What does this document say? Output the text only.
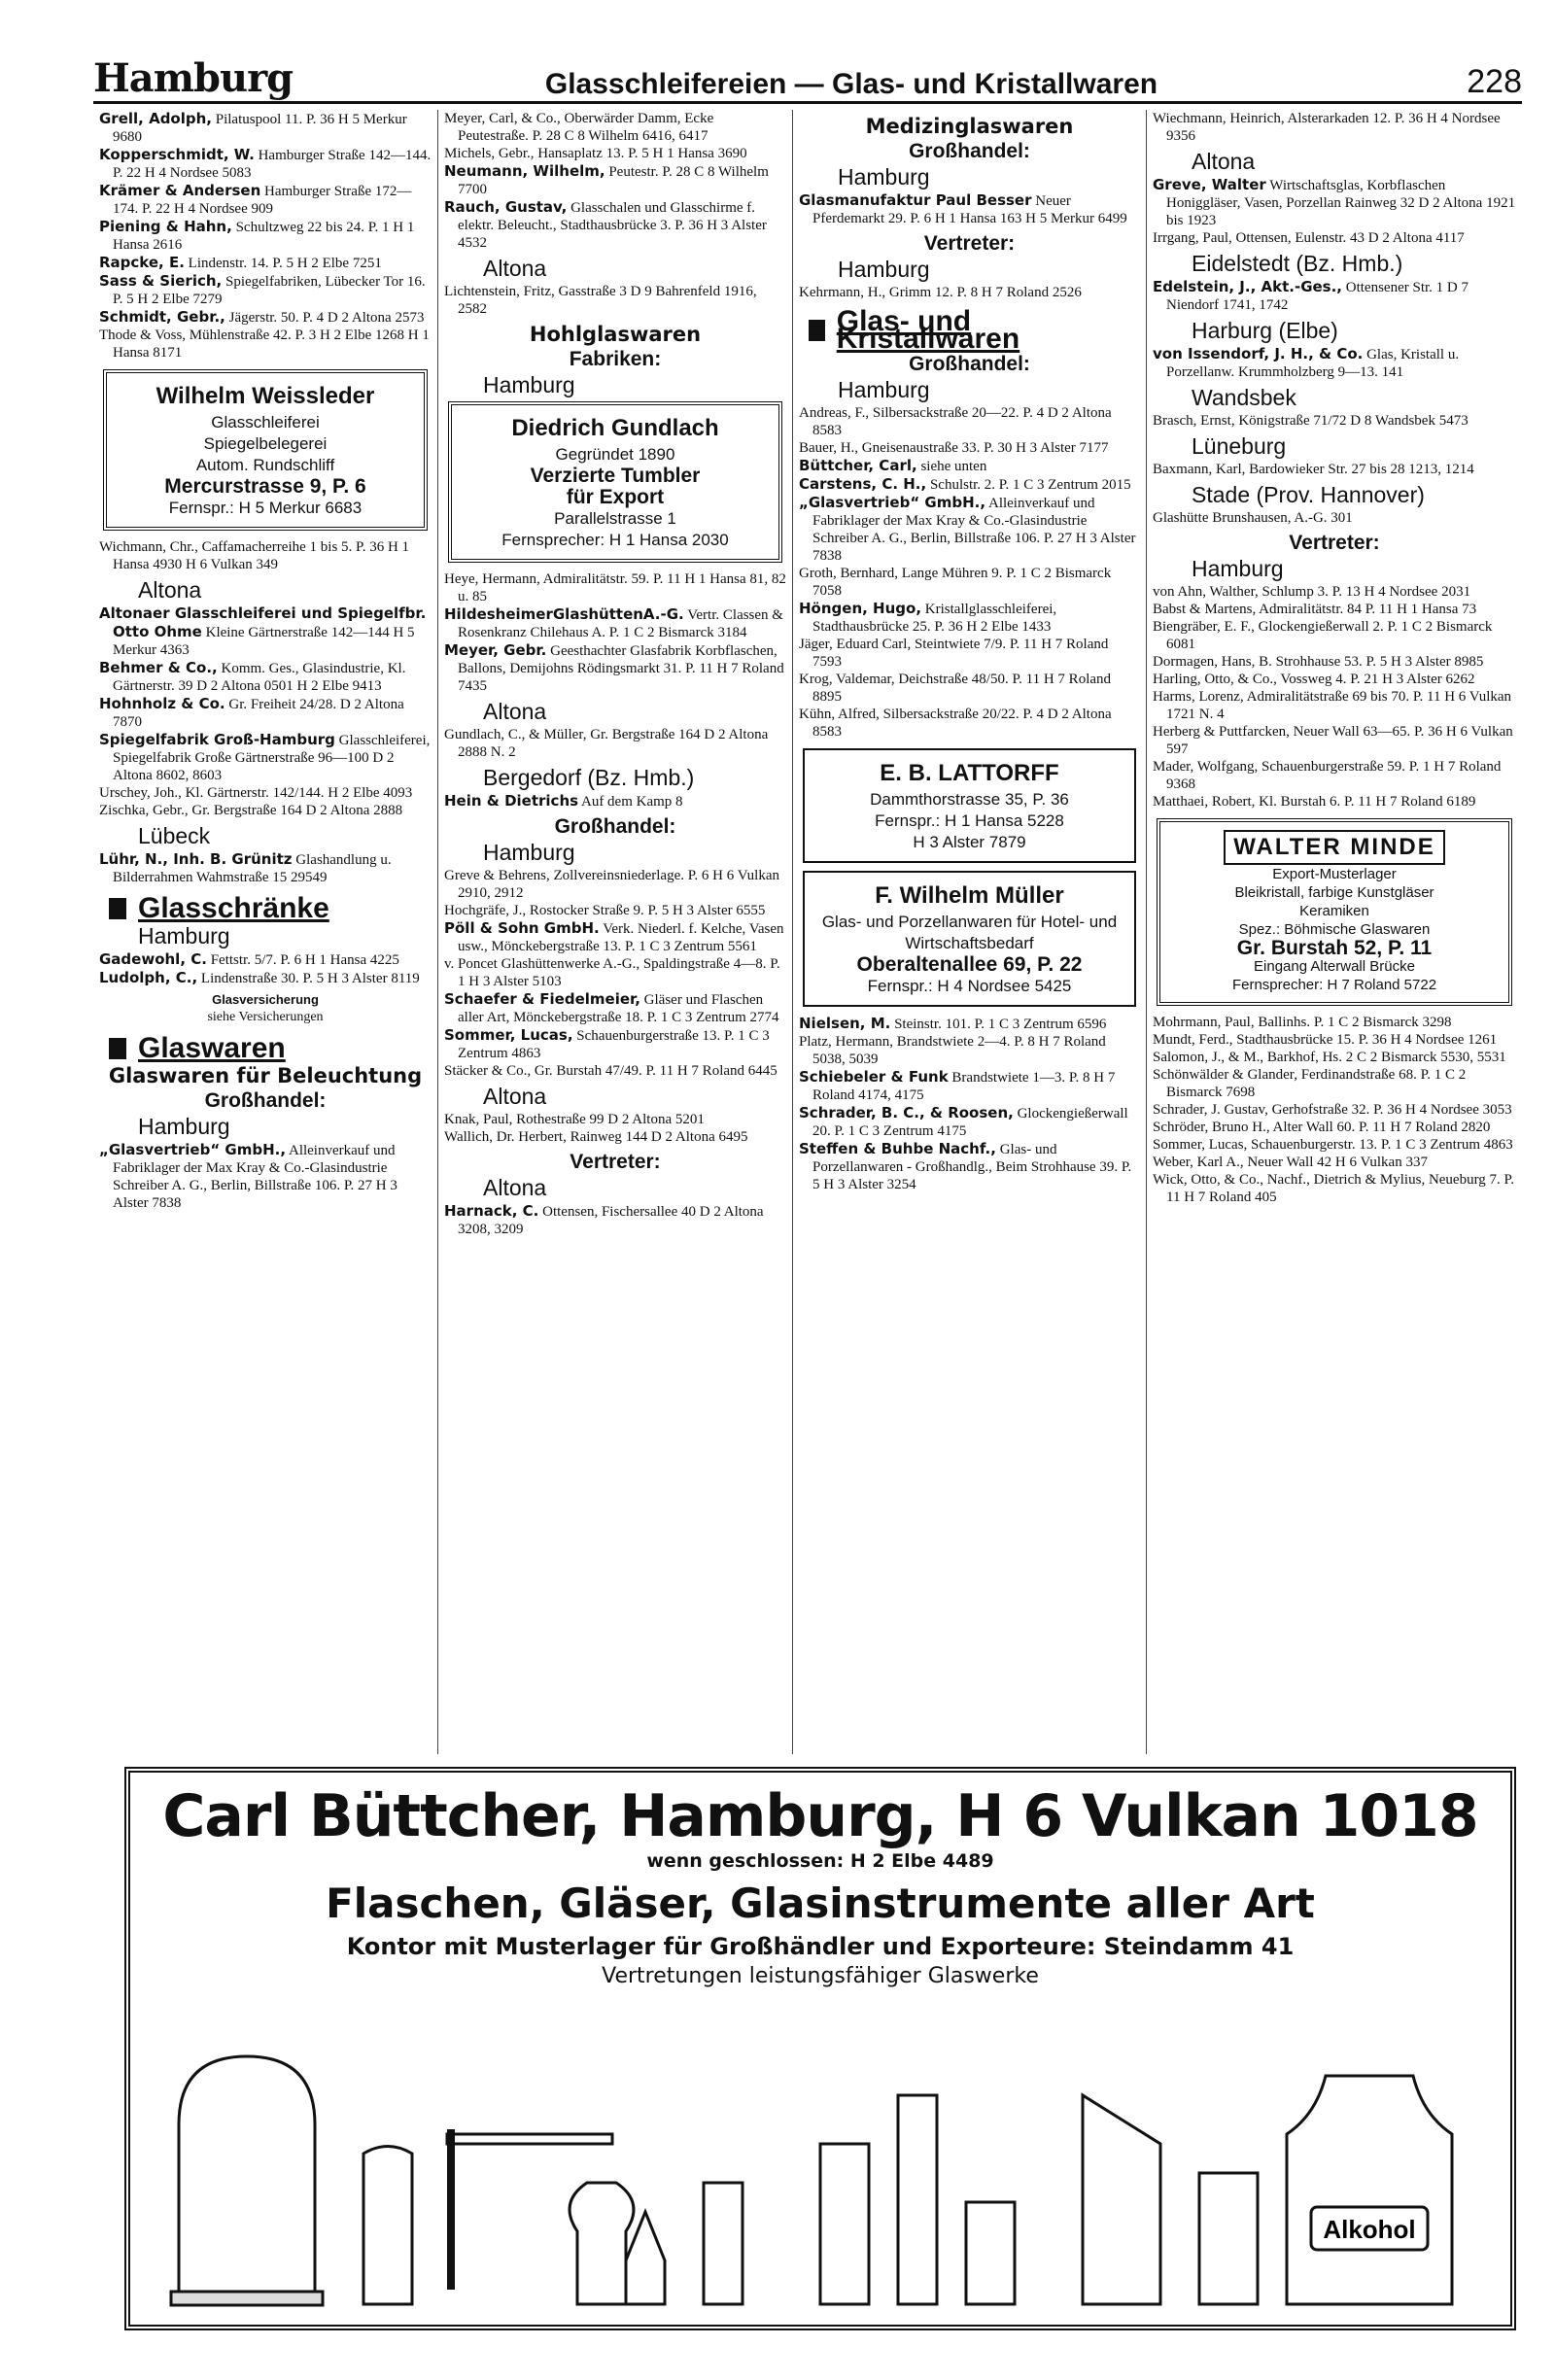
Hamburg	Glasschleifereien — Glas- und Kristallwaren	228

Grell, Adolph, Pilatuspool 11. P. 36 H 5 Merkur 9680

Kopperschmidt, W. Hamburger Straße 142—144. P. 22 H 4 Nordsee 5083

Krämer & Andersen Hamburger Straße 172—174. P. 22 H 4 Nordsee 909

Piening & Hahn, Schultzweg 22 bis 24. P. 1 H 1 Hansa 2616

Rapcke, E. Lindenstr. 14. P. 5 H 2 Elbe 7251

Sass & Sierich, Spiegelfabriken, Lübecker Tor 16. P. 5 H 2 Elbe 7279

Schmidt, Gebr., Jägerstr. 50. P. 4 D 2 Altona 2573

Thode & Voss, Mühlenstraße 42. P. 3 H 2 Elbe 1268 H 1 Hansa 8171

Wilhelm Weissleder
Glasschleiferei
Spiegelbelegerei
Autom. Rundschliff
Mercurstrasse 9, P. 6
Fernspr.: H 5 Merkur 6683

Wichmann, Chr., Caffamacherreihe 1 bis 5. P. 36 H 1 Hansa 4930 H 6 Vulkan 349

Altona

Altonaer Glasschleiferei und Spiegelfbr. Otto Ohme Kleine Gärtnerstraße 142—144 H 5 Merkur 4363

Behmer & Co., Komm. Ges., Glasindustrie, Kl. Gärtnerstr. 39 D 2 Altona 0501 H 2 Elbe 9413

Hohnholz & Co. Gr. Freiheit 24/28. D 2 Altona 7870

Spiegelfabrik Groß-Hamburg Glasschleiferei, Spiegelfabrik Große Gärtnerstraße 96—100 D 2 Altona 8602, 8603

Urschey, Joh., Kl. Gärtnerstr. 142/144. H 2 Elbe 4093

Zischka, Gebr., Gr. Bergstraße 164 D 2 Altona 2888

Lübeck

Lühr, N., Inh. B. Grünitz Glashandlung u. Bilderrahmen Wahmstraße 15 29549

Glasschränke
Hamburg

Gadewohl, C. Fettstr. 5/7. P. 6 H 1 Hansa 4225

Ludolph, C., Lindenstraße 30. P. 5 H 3 Alster 8119

Glasversicherung
siehe Versicherungen
Glaswaren
Glaswaren für Beleuchtung
Großhandel:
Hamburg

„Glasvertrieb“ GmbH., Alleinverkauf und Fabriklager der Max Kray & Co.-Glasindustrie Schreiber A. G., Berlin, Billstraße 106. P. 27 H 3 Alster 7838

Meyer, Carl, & Co., Oberwärder Damm, Ecke Peutestraße. P. 28 C 8 Wilhelm 6416, 6417

Michels, Gebr., Hansaplatz 13. P. 5 H 1 Hansa 3690

Neumann, Wilhelm, Peutestr. P. 28 C 8 Wilhelm 7700

Rauch, Gustav, Glasschalen und Glasschirme f. elektr. Beleucht., Stadthausbrücke 3. P. 36 H 3 Alster 4532

Altona

Lichtenstein, Fritz, Gasstraße 3 D 9 Bahrenfeld 1916, 2582

Hohlglaswaren
Fabriken:
Hamburg
Diedrich Gundlach
Gegründet 1890
Verzierte Tumbler
für Export
Parallelstrasse 1
Fernsprecher: H 1 Hansa 2030

Heye, Hermann, Admiralitätstr. 59. P. 11 H 1 Hansa 81, 82 u. 85

HildesheimerGlashüttenA.-G. Vertr. Classen & Rosenkranz Chilehaus A. P. 1 C 2 Bismarck 3184

Meyer, Gebr. Geesthachter Glasfabrik Korbflaschen, Ballons, Demijohns Rödingsmarkt 31. P. 11 H 7 Roland 7435

Altona

Gundlach, C., & Müller, Gr. Bergstraße 164 D 2 Altona 2888 N. 2

Bergedorf (Bz. Hmb.)

Hein & Dietrichs Auf dem Kamp 8

Großhandel:
Hamburg

Greve & Behrens, Zollvereinsniederlage. P. 6 H 6 Vulkan 2910, 2912

Hochgräfe, J., Rostocker Straße 9. P. 5 H 3 Alster 6555

Pöll & Sohn GmbH. Verk. Niederl. f. Kelche, Vasen usw., Mönckebergstraße 13. P. 1 C 3 Zentrum 5561

v. Poncet Glashüttenwerke A.-G., Spaldingstraße 4—8. P. 1 H 3 Alster 5103

Schaefer & Fiedelmeier, Gläser und Flaschen aller Art, Mönckebergstraße 18. P. 1 C 3 Zentrum 2774

Sommer, Lucas, Schauenburgerstraße 13. P. 1 C 3 Zentrum 4863

Stäcker & Co., Gr. Burstah 47/49. P. 11 H 7 Roland 6445

Altona

Knak, Paul, Rothestraße 99 D 2 Altona 5201

Wallich, Dr. Herbert, Rainweg 144 D 2 Altona 6495

Vertreter:
Altona

Harnack, C. Ottensen, Fischersallee 40 D 2 Altona 3208, 3209

Medizinglaswaren
Großhandel:
Hamburg

Glasmanufaktur Paul Besser Neuer Pferdemarkt 29. P. 6 H 1 Hansa 163 H 5 Merkur 6499

Vertreter:
Hamburg

Kehrmann, H., Grimm 12. P. 8 H 7 Roland 2526

Glas- und Kristallwaren
Großhandel:
Hamburg

Andreas, F., Silbersackstraße 20—22. P. 4 D 2 Altona 8583

Bauer, H., Gneisenaustraße 33. P. 30 H 3 Alster 7177

Büttcher, Carl, siehe unten

Carstens, C. H., Schulstr. 2. P. 1 C 3 Zentrum 2015

„Glasvertrieb“ GmbH., Alleinverkauf und Fabriklager der Max Kray & Co.-Glasindustrie Schreiber A. G., Berlin, Billstraße 106. P. 27 H 3 Alster 7838

Groth, Bernhard, Lange Mühren 9. P. 1 C 2 Bismarck 7058

Höngen, Hugo, Kristallglasschleiferei, Stadthausbrücke 25. P. 36 H 2 Elbe 1433

Jäger, Eduard Carl, Steintwiete 7/9. P. 11 H 7 Roland 7593

Krog, Valdemar, Deichstraße 48/50. P. 11 H 7 Roland 8895

Kühn, Alfred, Silbersackstraße 20/22. P. 4 D 2 Altona 8583

E. B. LATTORFF
Dammthorstrasse 35, P. 36
Fernspr.: H 1 Hansa 5228
H 3 Alster 7879
F. Wilhelm Müller
Glas- und Porzellanwaren für Hotel- und Wirtschaftsbedarf
Oberaltenallee 69, P. 22
Fernspr.: H 4 Nordsee 5425

Nielsen, M. Steinstr. 101. P. 1 C 3 Zentrum 6596

Platz, Hermann, Brandstwiete 2—4. P. 8 H 7 Roland 5038, 5039

Schiebeler & Funk Brandstwiete 1—3. P. 8 H 7 Roland 4174, 4175

Schrader, B. C., & Roosen, Glockengießerwall 20. P. 1 C 3 Zentrum 4175

Steffen & Buhbe Nachf., Glas- und Porzellanwaren - Großhandlg., Beim Strohhause 39. P. 5 H 3 Alster 3254

Wiechmann, Heinrich, Alsterarkaden 12. P. 36 H 4 Nordsee 9356

Altona

Greve, Walter Wirtschaftsglas, Korbflaschen Honiggläser, Vasen, Porzellan Rainweg 32 D 2 Altona 1921 bis 1923

Irrgang, Paul, Ottensen, Eulenstr. 43 D 2 Altona 4117

Eidelstedt (Bz. Hmb.)

Edelstein, J., Akt.-Ges., Ottensener Str. 1 D 7 Niendorf 1741, 1742

Harburg (Elbe)

von Issendorf, J. H., & Co. Glas, Kristall u. Porzellanw. Krummholzberg 9—13. 141

Wandsbek

Brasch, Ernst, Königstraße 71/72 D 8 Wandsbek 5473

Lüneburg

Baxmann, Karl, Bardowieker Str. 27 bis 28 1213, 1214

Stade (Prov. Hannover)

Glashütte Brunshausen, A.-G. 301

Vertreter:
Hamburg

von Ahn, Walther, Schlump 3. P. 13 H 4 Nordsee 2031

Babst & Martens, Admiralitätstr. 84 P. 11 H 1 Hansa 73

Biengräber, E. F., Glockengießerwall 2. P. 1 C 2 Bismarck 6081

Dormagen, Hans, B. Strohhause 53. P. 5 H 3 Alster 8985

Harling, Otto, & Co., Vossweg 4. P. 21 H 3 Alster 6262

Harms, Lorenz, Admiralitätstraße 69 bis 70. P. 11 H 6 Vulkan 1721 N. 4

Herberg & Puttfarcken, Neuer Wall 63—65. P. 36 H 6 Vulkan 597

Mader, Wolfgang, Schauenburgerstraße 59. P. 1 H 7 Roland 9368

Matthaei, Robert, Kl. Burstah 6. P. 11 H 7 Roland 6189

WALTER MINDE
Export-Musterlager
Bleikristall, farbige Kunstgläser
Keramiken
Spez.: Böhmische Glaswaren
Gr. Burstah 52, P. 11
Eingang Alterwall Brücke
Fernsprecher: H 7 Roland 5722

Mohrmann, Paul, Ballinhs. P. 1 C 2 Bismarck 3298

Mundt, Ferd., Stadthausbrücke 15. P. 36 H 4 Nordsee 1261

Salomon, J., & M., Barkhof, Hs. 2 C 2 Bismarck 5530, 5531

Schönwälder & Glander, Ferdinandstraße 68. P. 1 C 2 Bismarck 7698

Schrader, J. Gustav, Gerhofstraße 32. P. 36 H 4 Nordsee 3053

Schröder, Bruno H., Alter Wall 60. P. 11 H 7 Roland 2820

Sommer, Lucas, Schauenburgerstr. 13. P. 1 C 3 Zentrum 4863

Weber, Karl A., Neuer Wall 42 H 6 Vulkan 337

Wick, Otto, & Co., Nachf., Dietrich & Mylius, Neueburg 7. P. 11 H 7 Roland 405

Carl Büttcher, Hamburg, H 6 Vulkan 1018
wenn geschlossen: H 2 Elbe 4489
Flaschen, Gläser, Glasinstrumente aller Art
Kontor mit Musterlager für Großhändler und Exporteure: Steindamm 41
Vertretungen leistungsfähiger Glaswerke
Alkohol
